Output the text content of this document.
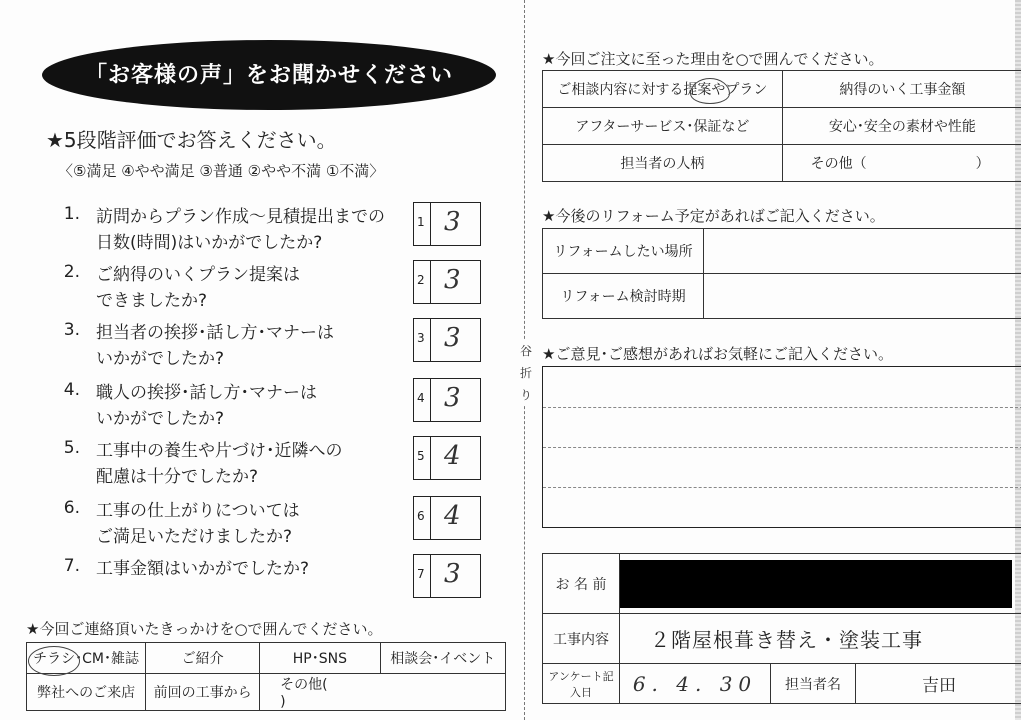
谷 折 り
「お客様の声」をお聞かせください
★5段階評価でお答えください。
〈⑤満足 ④やや満足 ③普通 ②やや不満 ①不満〉
1. 訪問からプラン作成～見積提出までの
日数(時間)はいかがでしたか?
1 3
2. ご納得のいくプラン提案は
できましたか?
2 3
3. 担当者の挨拶･話し方･マナーは
いかがでしたか?
3 3
4. 職人の挨拶･話し方･マナーは
いかがでしたか?
4 3
5. 工事中の養生や片づけ･近隣への
配慮は十分でしたか?
5 4
6. 工事の仕上がりについては
ご満足いただけましたか?
6 4
7. 工事金額はいかがでしたか?	7 3
★今回ご連絡頂いたきっかけを○で囲んでください。
チラシ･CM･雑誌	ご紹介	HP･SNS	相談会･イベント
弊社へのご来店	前回の工事から	その他(  )	
★今回ご注文に至った理由を○で囲んでください。
ご相談内容に対する提案やプラン	納得のいく工事金額
アフターサービス･保証など	安心･安全の素材や性能
担当者の人柄	その他（ ）
★今後のリフォーム予定があればご記入ください。
リフォームしたい場所	
リフォーム検討時期	
★ご意見･ご感想があればお気軽にご記入ください。
お 名 前			

工事内容	２階屋根葺き替え・塗装工事		
アンケート記入日	6. 4. 30	担当者名	吉田
